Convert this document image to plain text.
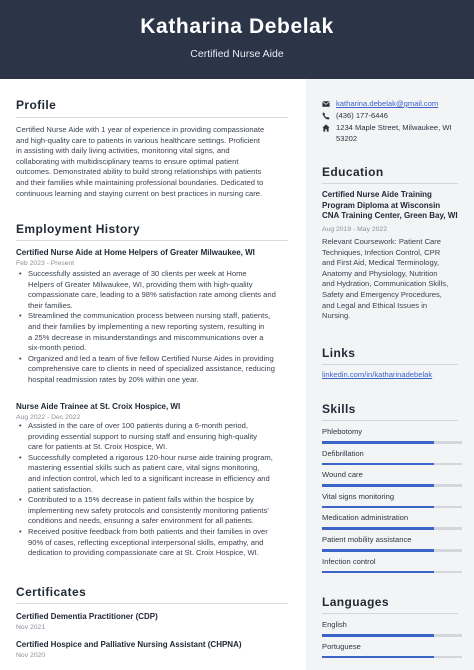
Katharina Debelak
Certified Nurse Aide
Profile
Certified Nurse Aide with 1 year of experience in providing compassionate
and high-quality care to patients in various healthcare settings. Proficient
in assisting with daily living activities, monitoring vital signs, and
collaborating with multidisciplinary teams to ensure optimal patient
outcomes. Demonstrated ability to build strong relationships with patients
and their families while maintaining professional boundaries. Dedicated to
continuous learning and staying current on best practices in nursing care.
Employment History
Certified Nurse Aide at Home Helpers of Greater Milwaukee, WI
Feb 2023 - Present
• Successfully assisted an average of 30 clients per week at Home
Helpers of Greater Milwaukee, WI, providing them with high-quality
compassionate care, leading to a 98% satisfaction rate among clients and
their families.
• Streamlined the communication process between nursing staff, patients,
and their families by implementing a new reporting system, resulting in
a 25% decrease in misunderstandings and miscommunications over a
six-month period.
• Organized and led a team of five fellow Certified Nurse Aides in providing
comprehensive care to clients in need of specialized assistance, reducing
hospital readmission rates by 20% within one year.
Nurse Aide Trainee at St. Croix Hospice, WI
Aug 2022 - Dec 2022
• Assisted in the care of over 100 patients during a 6-month period,
providing essential support to nursing staff and ensuring high-quality
care for patients at St. Croix Hospice, WI.
• Successfully completed a rigorous 120-hour nurse aide training program,
mastering essential skills such as patient care, vital signs monitoring,
and infection control, which led to a significant increase in efficiency and
patient satisfaction.
• Contributed to a 15% decrease in patient falls within the hospice by
implementing new safety protocols and consistently monitoring patients'
conditions and needs, ensuring a safer environment for all patients.
• Received positive feedback from both patients and their families in over
90% of cases, reflecting exceptional interpersonal skills, empathy, and
dedication to providing compassionate care at St. Croix Hospice, WI.
Certificates
Certified Dementia Practitioner (CDP)
Nov 2021
Certified Hospice and Palliative Nursing Assistant (CHPNA)
Nov 2020
katharina.debelak@gmail.com
(436) 177-6446
1234 Maple Street, Milwaukee, WI
53202
Education
Certified Nurse Aide Training
Program Diploma at Wisconsin
CNA Training Center, Green Bay, WI
Aug 2019 - May 2022
Relevant Coursework: Patient Care
Techniques, Infection Control, CPR
and First Aid, Medical Terminology,
Anatomy and Physiology, Nutrition
and Hydration, Communication Skills,
Safety and Emergency Procedures,
and Legal and Ethical Issues in
Nursing.
Links
linkedin.com/in/katharinadebelak
Skills
Phlebotomy
Defibrillation
Wound care
Vital signs monitoring
Medication administration
Patient mobility assistance
Infection control
Languages
English
Portuguese
